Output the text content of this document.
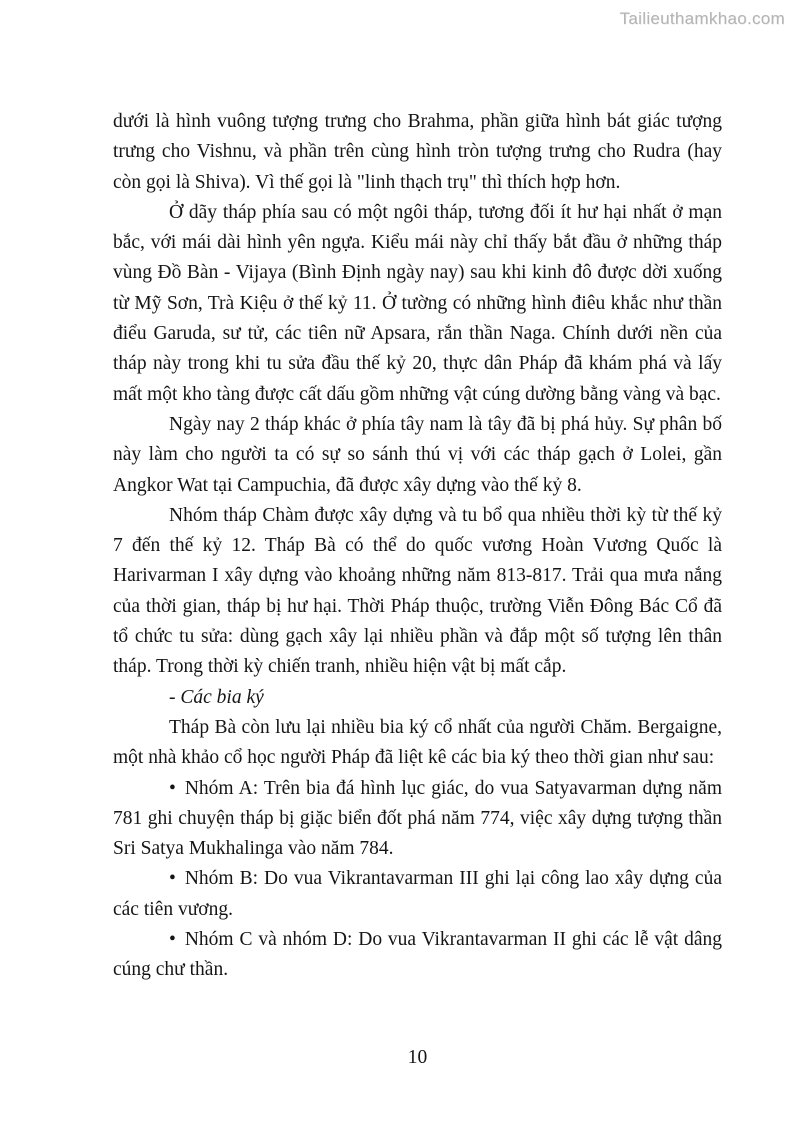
Tailieuthamkhao.com

dưới là hình vuông tượng trưng cho Brahma, phần giữa hình bát giác tượng trưng cho Vishnu, và phần trên cùng hình tròn tượng trưng cho Rudra (hay còn gọi là Shiva). Vì thế gọi là "linh thạch trụ" thì thích hợp hơn.

Ở dãy tháp phía sau có một ngôi tháp, tương đối ít hư hại nhất ở mạn bắc, với mái dài hình yên ngựa. Kiểu mái này chỉ thấy bắt đầu ở những tháp vùng Đồ Bàn - Vijaya (Bình Định ngày nay) sau khi kinh đô được dời xuống từ Mỹ Sơn, Trà Kiệu ở thế kỷ 11. Ở tường có những hình điêu khắc như thần điểu Garuda, sư tử, các tiên nữ Apsara, rắn thần Naga. Chính dưới nền của tháp này trong khi tu sửa đầu thế kỷ 20, thực dân Pháp đã khám phá và lấy mất một kho tàng được cất dấu gồm những vật cúng dường bằng vàng và bạc.

Ngày nay 2 tháp khác ở phía tây nam là tây đã bị phá hủy. Sự phân bố này làm cho người ta có sự so sánh thú vị với các tháp gạch ở Lolei, gần Angkor Wat tại Campuchia, đã được xây dựng vào thế kỷ 8.

Nhóm tháp Chàm được xây dựng và tu bổ qua nhiều thời kỳ từ thế kỷ 7 đến thế kỷ 12. Tháp Bà có thể do quốc vương Hoàn Vương Quốc là Harivarman I xây dựng vào khoảng những năm 813-817. Trải qua mưa nắng của thời gian, tháp bị hư hại. Thời Pháp thuộc, trường Viễn Đông Bác Cổ đã tổ chức tu sửa: dùng gạch xây lại nhiều phần và đắp một số tượng lên thân tháp. Trong thời kỳ chiến tranh, nhiều hiện vật bị mất cắp.

- Các bia ký

Tháp Bà còn lưu lại nhiều bia ký cổ nhất của người Chăm. Bergaigne, một nhà khảo cổ học người Pháp đã liệt kê các bia ký theo thời gian như sau:

• Nhóm A: Trên bia đá hình lục giác, do vua Satyavarman dựng năm 781 ghi chuyện tháp bị giặc biển đốt phá năm 774, việc xây dựng tượng thần Sri Satya Mukhalinga vào năm 784.

• Nhóm B: Do vua Vikrantavarman III ghi lại công lao xây dựng của các tiên vương.

• Nhóm C và nhóm D: Do vua Vikrantavarman II ghi các lễ vật dâng cúng chư thần.

10
